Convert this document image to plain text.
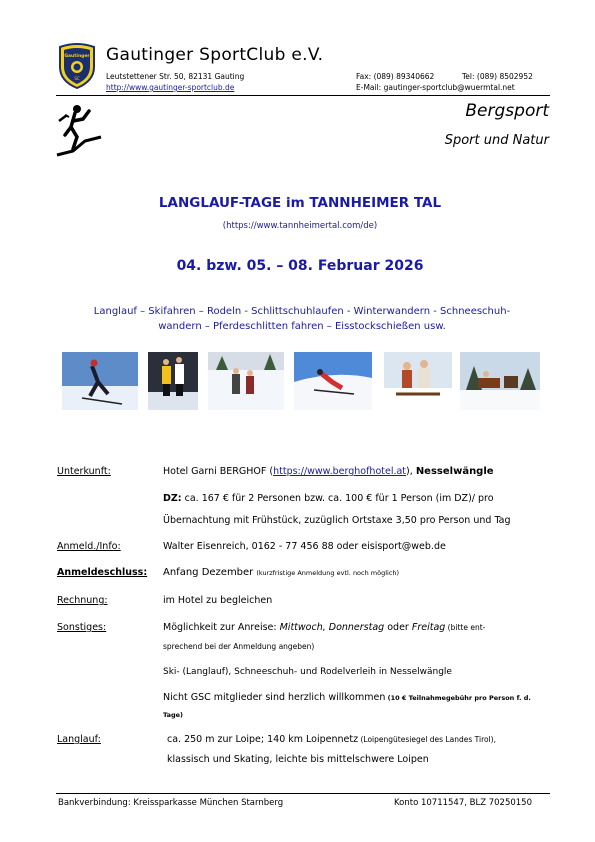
Gautinger
SC
Gautinger SportClub e.V.
Leutstettener Str. 50, 82131 Gauting
http://www.gautinger-sportclub.de
Fax: (089) 89340662	Tel: (089) 8502952
E-Mail: gautinger-sportclub@wuermtal.net
Bergsport
Sport und Natur
LANGLAUF-TAGE im TANNHEIMER TAL
(https://www.tannheimertal.com/de)
04. bzw. 05. – 08. Februar 2026
Langlauf – Skifahren – Rodeln - Schlittschuhlaufen - Winterwandern - Schneeschuh-
wandern – Pferdeschlitten fahren – Eisstockschießen usw.
Unterkunft:	Hotel Garni BERGHOF (https://www.berghofhotel.at), Nesselwängle
DZ: ca. 167 € für 2 Personen bzw. ca. 100 € für 1 Person (im DZ)/ pro
Übernachtung mit Frühstück, zuzüglich Ortstaxe 3,50 pro Person und Tag
Anmeld./Info:	Walter Eisenreich, 0162 - 77 456 88 oder eisisport@web.de
Anmeldeschluss: Anfang Dezember (kurzfristige Anmeldung evtl. noch möglich)
Rechnung:	im Hotel zu begleichen
Sonstiges:	Möglichkeit zur Anreise: Mittwoch, Donnerstag oder Freitag (bitte ent-
sprechend bei der Anmeldung angeben)
Ski- (Langlauf), Schneeschuh- und Rodelverleih in Nesselwängle
Nicht GSC mitglieder sind herzlich willkommen (10 € Teilnahmegebühr pro Person f. d.
Tage)
Langlauf:	ca. 250 m zur Loipe; 140 km Loipennetz (Loipengütesiegel des Landes Tirol),
klassisch und Skating, leichte bis mittelschwere Loipen
Bankverbindung: Kreissparkasse München Starnberg	Konto 10711547, BLZ 70250150
